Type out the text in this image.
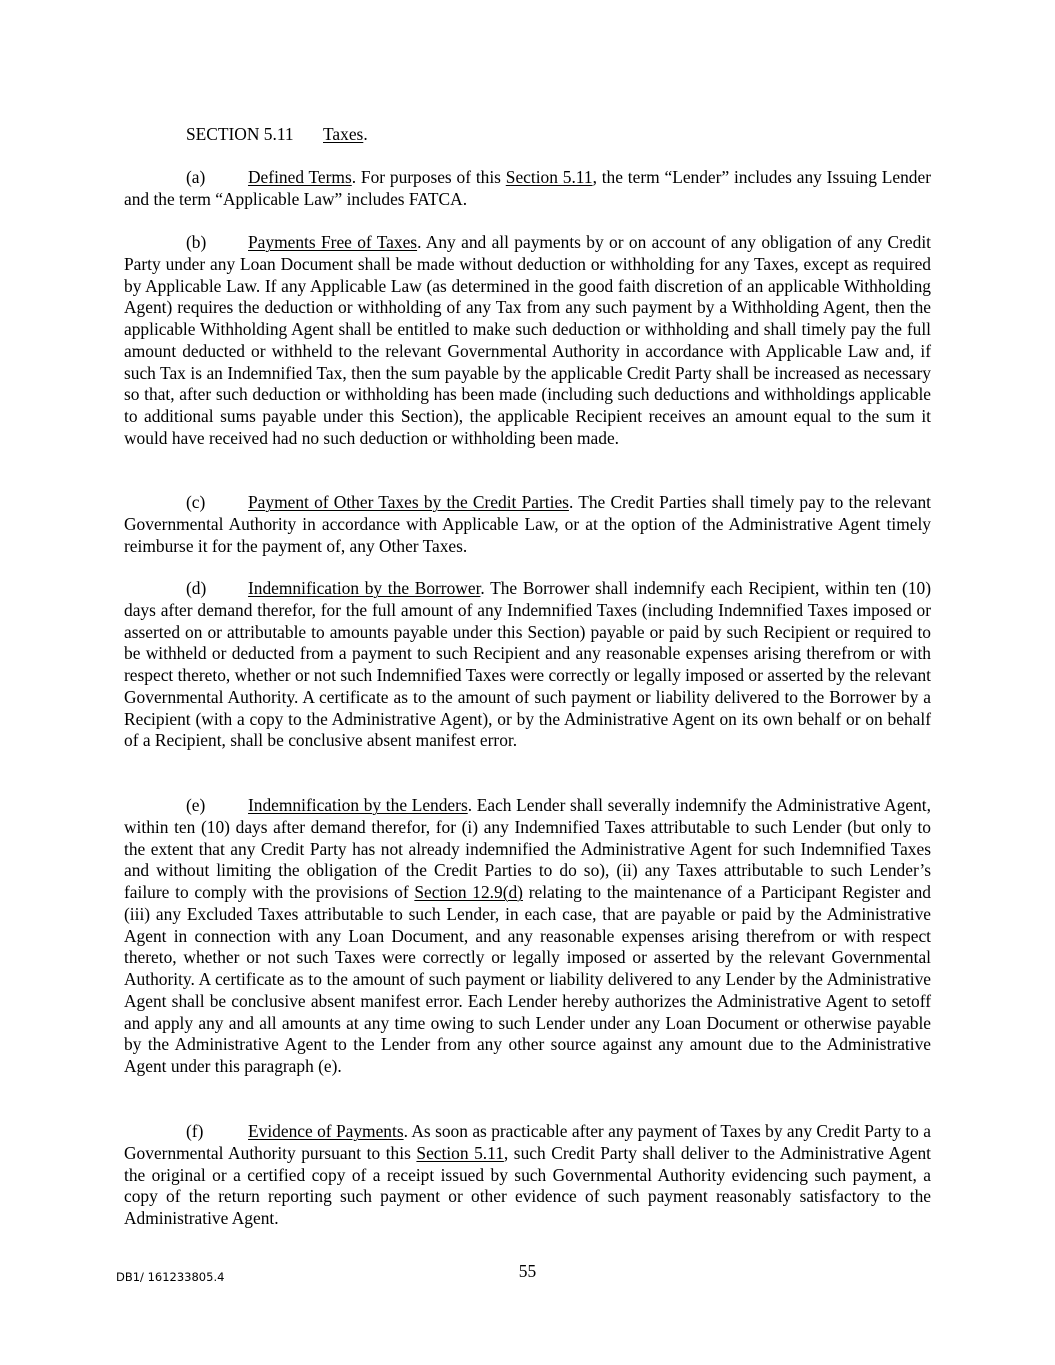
SECTION 5.11 Taxes.

(a) Defined Terms. For purposes of this Section 5.11, the term “Lender” includes any Issuing Lender and the term “Applicable Law” includes FATCA.

(b) Payments Free of Taxes. Any and all payments by or on account of any obligation of any Credit Party under any Loan Document shall be made without deduction or withholding for any Taxes, except as required by Applicable Law. If any Applicable Law (as determined in the good faith discretion of an applicable Withholding Agent) requires the deduction or withholding of any Tax from any such payment by a Withholding Agent, then the applicable Withholding Agent shall be entitled to make such deduction or withholding and shall timely pay the full amount deducted or withheld to the relevant Governmental Authority in accordance with Applicable Law and, if such Tax is an Indemnified Tax, then the sum payable by the applicable Credit Party shall be increased as necessary so that, after such deduction or withholding has been made (including such deductions and withholdings applicable to additional sums payable under this Section), the applicable Recipient receives an amount equal to the sum it would have received had no such deduction or withholding been made.

(c) Payment of Other Taxes by the Credit Parties. The Credit Parties shall timely pay to the relevant Governmental Authority in accordance with Applicable Law, or at the option of the Administrative Agent timely reimburse it for the payment of, any Other Taxes.

(d) Indemnification by the Borrower. The Borrower shall indemnify each Recipient, within ten (10) days after demand therefor, for the full amount of any Indemnified Taxes (including Indemnified Taxes imposed or asserted on or attributable to amounts payable under this Section) payable or paid by such Recipient or required to be withheld or deducted from a payment to such Recipient and any reasonable expenses arising therefrom or with respect thereto, whether or not such Indemnified Taxes were correctly or legally imposed or asserted by the relevant Governmental Authority. A certificate as to the amount of such payment or liability delivered to the Borrower by a Recipient (with a copy to the Administrative Agent), or by the Administrative Agent on its own behalf or on behalf of a Recipient, shall be conclusive absent manifest error.

(e) Indemnification by the Lenders. Each Lender shall severally indemnify the Administrative Agent, within ten (10) days after demand therefor, for (i) any Indemnified Taxes attributable to such Lender (but only to the extent that any Credit Party has not already indemnified the Administrative Agent for such Indemnified Taxes and without limiting the obligation of the Credit Parties to do so), (ii) any Taxes attributable to such Lender’s failure to comply with the provisions of Section 12.9(d) relating to the maintenance of a Participant Register and (iii) any Excluded Taxes attributable to such Lender, in each case, that are payable or paid by the Administrative Agent in connection with any Loan Document, and any reasonable expenses arising therefrom or with respect thereto, whether or not such Taxes were correctly or legally imposed or asserted by the relevant Governmental Authority. A certificate as to the amount of such payment or liability delivered to any Lender by the Administrative Agent shall be conclusive absent manifest error. Each Lender hereby authorizes the Administrative Agent to setoff and apply any and all amounts at any time owing to such Lender under any Loan Document or otherwise payable by the Administrative Agent to the Lender from any other source against any amount due to the Administrative Agent under this paragraph (e).

(f)	Evidence of Payments. As soon as practicable after any payment of Taxes by any Credit Party to a Governmental Authority pursuant to this Section 5.11, such Credit Party shall deliver to the Administrative Agent the original or a certified copy of a receipt issued by such Governmental Authority evidencing such payment, a copy of the return reporting such payment or other evidence of such payment reasonably satisfactory to the Administrative Agent.

DB1/ 161233805.4	55
